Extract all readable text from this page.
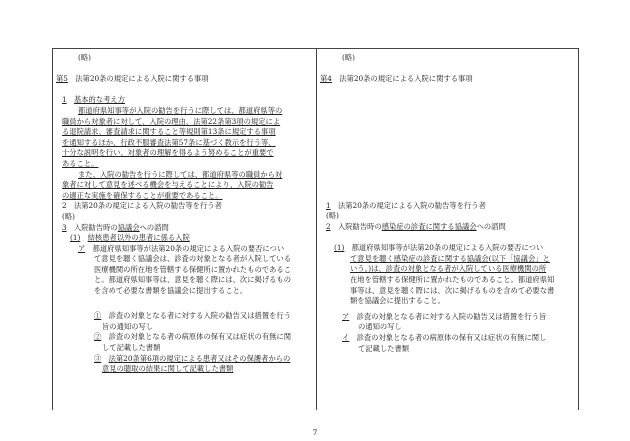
(略)
第5　 法第20条の規定による入院に関する事項
1　 基本的な考え方
都道府県知事等が入院の勧告を行うに際しては、都道府県等の
職員から対象者に対して、入院の理由、法第22条第3項の規定によ
る退院請求、審査請求に関すること等規則第13条に規定する事項
を通知するほか、行政不服審査法第57条に基づく教示を行う等、
十分な説明を行い、対象者の理解を得るよう努めることが重要で
あること。
また、入院の勧告を行うに際しては、都道府県等の職員から対
象者に対して意見を述べる機会を与えることにより、入院の勧告
の適正な実施を確保することが重要であること。
2　法第20条の規定による入院の勧告等を行う者
(略)
3　 入院勧告時の協議会への諮問
(1)　 結核患者以外の患者に係る入院
ア　 都道府県知事等が法第20条の規定による入院の要否につい
て意見を聴く協議会は、診査の対象となる者が入院している
医療機関の所在地を管轄する保健所に置かれたものであるこ
と。都道府県知事等は、意見を聴く際には、次に掲げるもの
を含めて必要な書類を協議会に提出すること。
①　 診査の対象となる者に対する入院の勧告又は措置を行う
旨の通知の写し
②　 診査の対象となる者の病原体の保有又は症状の有無に関
して記載した書類
③　 法第20条第6項の規定による患者又はその保護者からの
意見の聴取の結果に関して記載した書類
(略)
第4　 法第20条の規定による入院に関する事項
1　 法第20条の規定による入院の勧告等を行う者
(略)
2　 入院勧告時の感染症の診査に関する協議会への諮問
(1)　 都道府県知事等が法第20条の規定による入院の要否につい
て意見を聴く感染症の診査に関する協議会(以下「協議会」と
いう。)は、診査の対象となる者が入院している医療機関の所
在地を管轄する保健所に置かれたものであること。都道府県知
事等は、意見を聴く際には、次に掲げるものを含めて必要な書
類を協議会に提出すること。
ア　 診査の対象となる者に対する入院の勧告又は措置を行う旨
の通知の写し
イ　 診査の対象となる者の病原体の保有又は症状の有無に関し
て記載した書類
7
